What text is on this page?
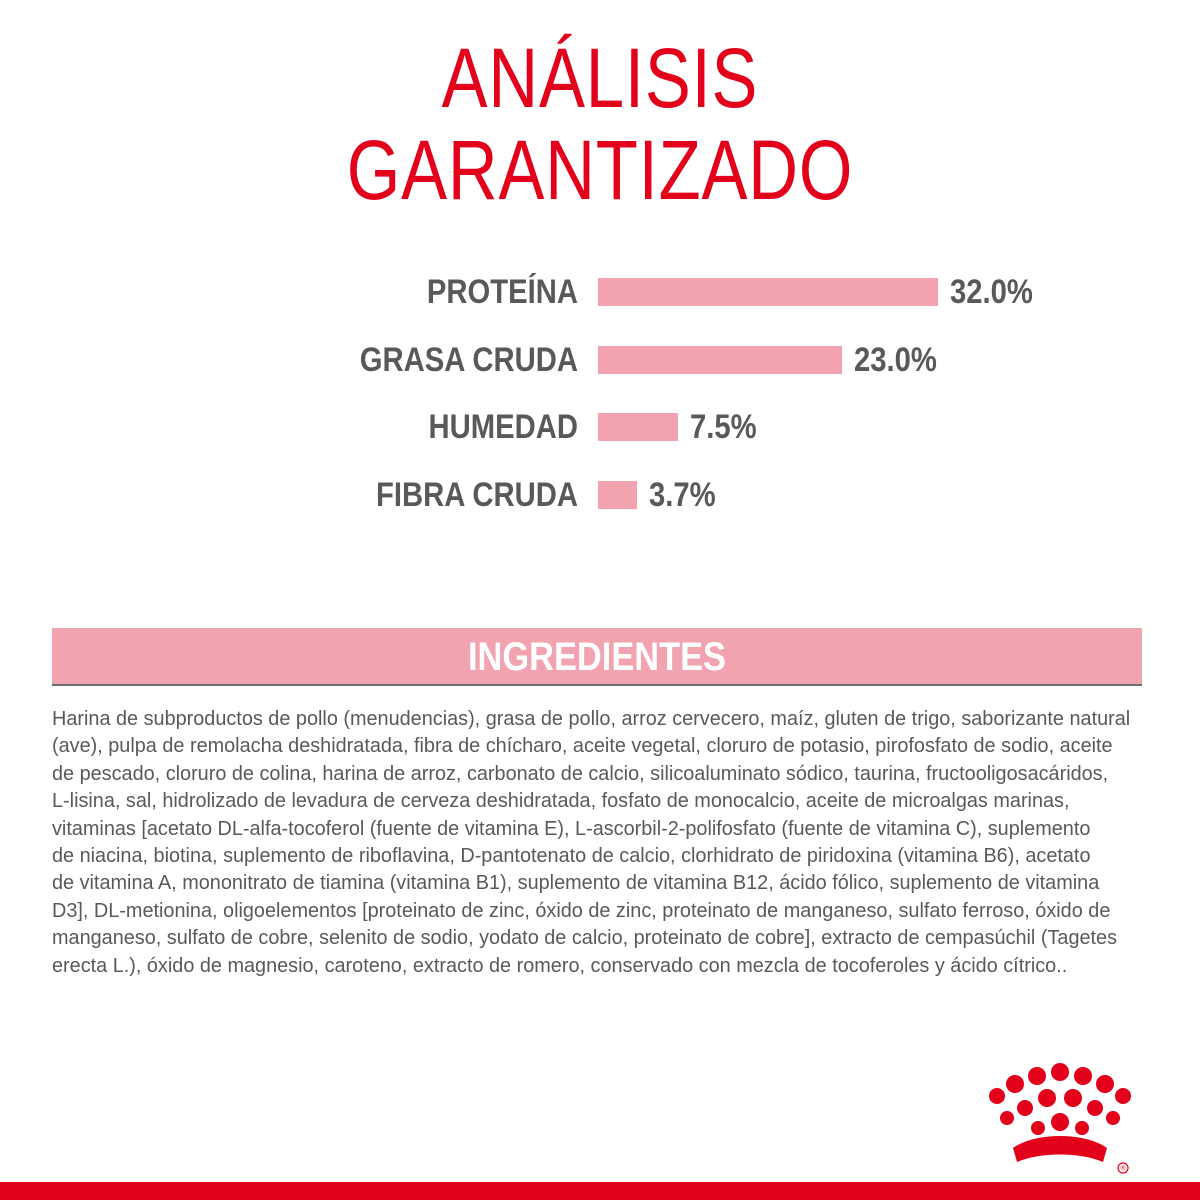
ANÁLISIS
GARANTIZADO
PROTEÍNA	32.0%
GRASA CRUDA	23.0%
HUMEDAD	7.5%
FIBRA CRUDA 3.7%
INGREDIENTES
Harina de subproductos de pollo (menudencias), grasa de pollo, arroz cervecero, maíz, gluten de trigo, saborizante natural
(ave), pulpa de remolacha deshidratada, fibra de chícharo, aceite vegetal, cloruro de potasio, pirofosfato de sodio, aceite
de pescado, cloruro de colina, harina de arroz, carbonato de calcio, silicoaluminato sódico, taurina, fructooligosacáridos,
L-lisina, sal, hidrolizado de levadura de cerveza deshidratada, fosfato de monocalcio, aceite de microalgas marinas,
vitaminas [acetato DL-alfa-tocoferol (fuente de vitamina E), L-ascorbil-2-polifosfato (fuente de vitamina C), suplemento
de niacina, biotina, suplemento de riboflavina, D-pantotenato de calcio, clorhidrato de piridoxina (vitamina B6), acetato
de vitamina A, mononitrato de tiamina (vitamina B1), suplemento de vitamina B12, ácido fólico, suplemento de vitamina
D3], DL-metionina, oligoelementos [proteinato de zinc, óxido de zinc, proteinato de manganeso, sulfato ferroso, óxido de
manganeso, sulfato de cobre, selenito de sodio, yodato de calcio, proteinato de cobre], extracto de cempasúchil (Tagetes
erecta L.), óxido de magnesio, caroteno, extracto de romero, conservado con mezcla de tocoferoles y ácido cítrico..
®
